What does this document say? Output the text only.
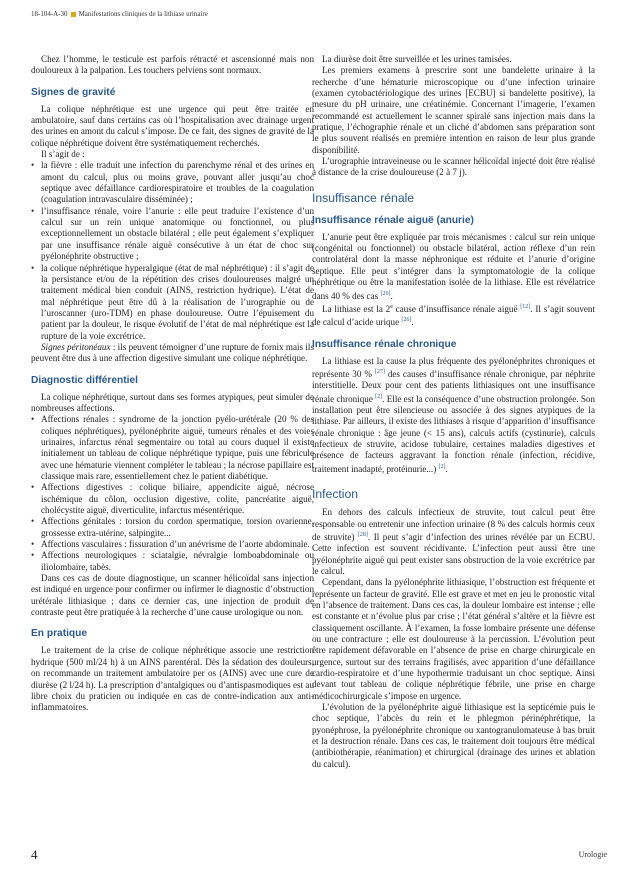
18-104-A-30 Manifestations cliniques de la lithiase urinaire

Chez l’homme, le testicule est parfois rétracté et ascensionné mais non douloureux à la palpation. Les touchers pelviens sont normaux.

Signes de gravité

La colique néphrétique est une urgence qui peut être traitée en ambulatoire, sauf dans certains cas où l’hospitalisation avec drainage urgent des urines en amont du calcul s’impose. De ce fait, des signes de gravité de la colique néphrétique doivent être systématiquement recherchés.

Il s’agit de :

• la fièvre : elle traduit une infection du parenchyme rénal et des urines en amont du calcul, plus ou moins grave, pouvant aller jusqu’au choc septique avec défaillance cardiorespiratoire et troubles de la coagulation (coagulation intravasculaire disséminée) ;
• l’insuffisance rénale, voire l’anurie : elle peut traduire l’existence d’un calcul sur un rein unique anatomique ou fonctionnel, ou plus exceptionnellement un obstacle bilatéral ; elle peut également s’expliquer par une insuffisance rénale aiguë consécutive à un état de choc sur pyélonéphrite obstructive ;
• la colique néphrétique hyperalgique (état de mal néphrétique) : il s’agit de la persistance et/ou de la répétition des crises douloureuses malgré un traitement médical bien conduit (AINS, restriction hydrique). L’état de mal néphrétique peut être dû à la réalisation de l’urographie ou de l’uroscanner (uro-TDM) en phase douloureuse. Outre l’épuisement du patient par la douleur, le risque évolutif de l’état de mal néphrétique est la rupture de la voie excrétrice.

Signes péritonéaux : ils peuvent témoigner d’une rupture de fornix mais ils peuvent être dus à une affection digestive simulant une colique néphrétique.

Diagnostic différentiel

La colique néphrétique, surtout dans ses formes atypiques, peut simuler de nombreuses affections.

• Affections rénales : syndrome de la jonction pyélo-urétérale (20 % des coliques néphrétiques), pyélonéphrite aiguë, tumeurs rénales et des voies urinaires, infarctus rénal segmentaire ou total au cours duquel il existe initialement un tableau de colique néphrétique typique, puis une fébricule avec une hématurie viennent compléter le tableau ; la nécrose papillaire est classique mais rare, essentiellement chez le patient diabétique.
• Affections digestives : colique biliaire, appendicite aiguë, nécrose ischémique du côlon, occlusion digestive, colite, pancréatite aiguë, cholécystite aiguë, diverticulite, infarctus mésentérique.
• Affections génitales : torsion du cordon spermatique, torsion ovarienne, grossesse extra-utérine, salpingite...
• Affections vasculaires : fissuration d’un anévrisme de l’aorte abdominale.
• Affections neurologiques : sciatalgie, névralgie lomboabdominale ou iliolombaire, tabès.

Dans ces cas de doute diagnostique, un scanner hélicoïdal sans injection est indiqué en urgence pour confirmer ou infirmer le diagnostic d’obstruction urétérale lithiasique ; dans ce dernier cas, une injection de produit de contraste peut être pratiquée à la recherche d’une cause urologique ou non.

En pratique

Le traitement de la crise de colique néphrétique associe une restriction hydrique (500 ml/24 h) à un AINS parentéral. Dès la sédation des douleurs, on recommande un traitement ambulatoire per os (AINS) avec une cure de diurèse (2 l/24 h). La prescription d’antalgiques ou d’antispasmodiques est au libre choix du praticien ou indiquée en cas de contre-indication aux anti-inflammatoires.

La diurèse doit être surveillée et les urines tamisées.

Les premiers examens à prescrire sont une bandelette urinaire à la recherche d’une hématurie microscopique ou d’une infection urinaire (examen cytobactériologique des urines [ECBU] si bandelette positive), la mesure du pH urinaire, une créatinémie. Concernant l’imagerie, l’examen recommandé est actuellement le scanner spiralé sans injection mais dans la pratique, l’échographie rénale et un cliché d’abdomen sans préparation sont le plus souvent réalisés en première intention en raison de leur plus grande disponibilité.

L’urographie intraveineuse ou le scanner hélicoïdal injecté doit être réalisé à distance de la crise douloureuse (2 à 7 j).

Insuffisance rénale
Insuffisance rénale aiguë (anurie)

L’anurie peut être expliquée par trois mécanismes : calcul sur rein unique (congénital ou fonctionnel) ou obstacle bilatéral, action réflexe d’un rein controlatéral dont la masse néphronique est réduite et l’anurie d’origine septique. Elle peut s’intégrer dans la symptomatologie de la colique néphrétique ou être la manifestation isolée de la lithiase. Elle est révélatrice dans 40 % des cas [26].

La lithiase est la 2e cause d’insuffisance rénale aiguë [12]. Il s’agit souvent de calcul d’acide urique [26].

Insuffisance rénale chronique

La lithiase est la cause la plus fréquente des pyélonéphrites chroniques et représente 30 % [27] des causes d’insuffisance rénale chronique, par néphrite interstitielle. Deux pour cent des patients lithiasiques ont une insuffisance rénale chronique [2]. Elle est la conséquence d’une obstruction prolongée. Son installation peut être silencieuse ou associée à des signes atypiques de la lithiase. Par ailleurs, il existe des lithiases à risque d’apparition d’insuffisance rénale chronique : âge jeune (< 15 ans), calculs actifs (cystinurie), calculs infectieux de struvite, acidose tubulaire, certaines maladies digestives et présence de facteurs aggravant la fonction rénale (infection, récidive, traitement inadapté, protéinurie...) [2].

Infection

En dehors des calculs infectieux de struvite, tout calcul peut être responsable ou entretenir une infection urinaire (8 % des calculs hormis ceux de struvite) [28]. Il peut s’agir d’infection des urines révélée par un ECBU. Cette infection est souvent récidivante. L’infection peut aussi être une pyélonéphrite aiguë qui peut exister sans obstruction de la voie excrétrice par le calcul.

Cependant, dans la pyélonéphrite lithiasique, l’obstruction est fréquente et représente un facteur de gravité. Elle est grave et met en jeu le pronostic vital en l’absence de traitement. Dans ces cas, la douleur lombaire est intense ; elle est constante et n’évolue plus par crise ; l’état général s’altère et la fièvre est classiquement oscillante. À l’examen, la fosse lombaire présente une défense ou une contracture ; elle est douloureuse à la percussion. L’évolution peut être rapidement défavorable en l’absence de prise en charge chirurgicale en urgence, surtout sur des terrains fragilisés, avec apparition d’une défaillance cardio-respiratoire et d’une hypothermie traduisant un choc septique. Ainsi devant tout tableau de colique néphrétique fébrile, une prise en charge médicochirurgicale s’impose en urgence.

L’évolution de la pyélonéphrite aiguë lithiasique est la septicémie puis le choc septique, l’abcès du rein et le phlegmon périnéphrétique, la pyonéphrose, la pyélonéphrite chronique ou xantogranulomateuse à bas bruit et la destruction rénale. Dans ces cas, le traitement doit toujours être médical (antibiothérapie, réanimation) et chirurgical (drainage des urines et ablation du calcul).

4	Urologie
